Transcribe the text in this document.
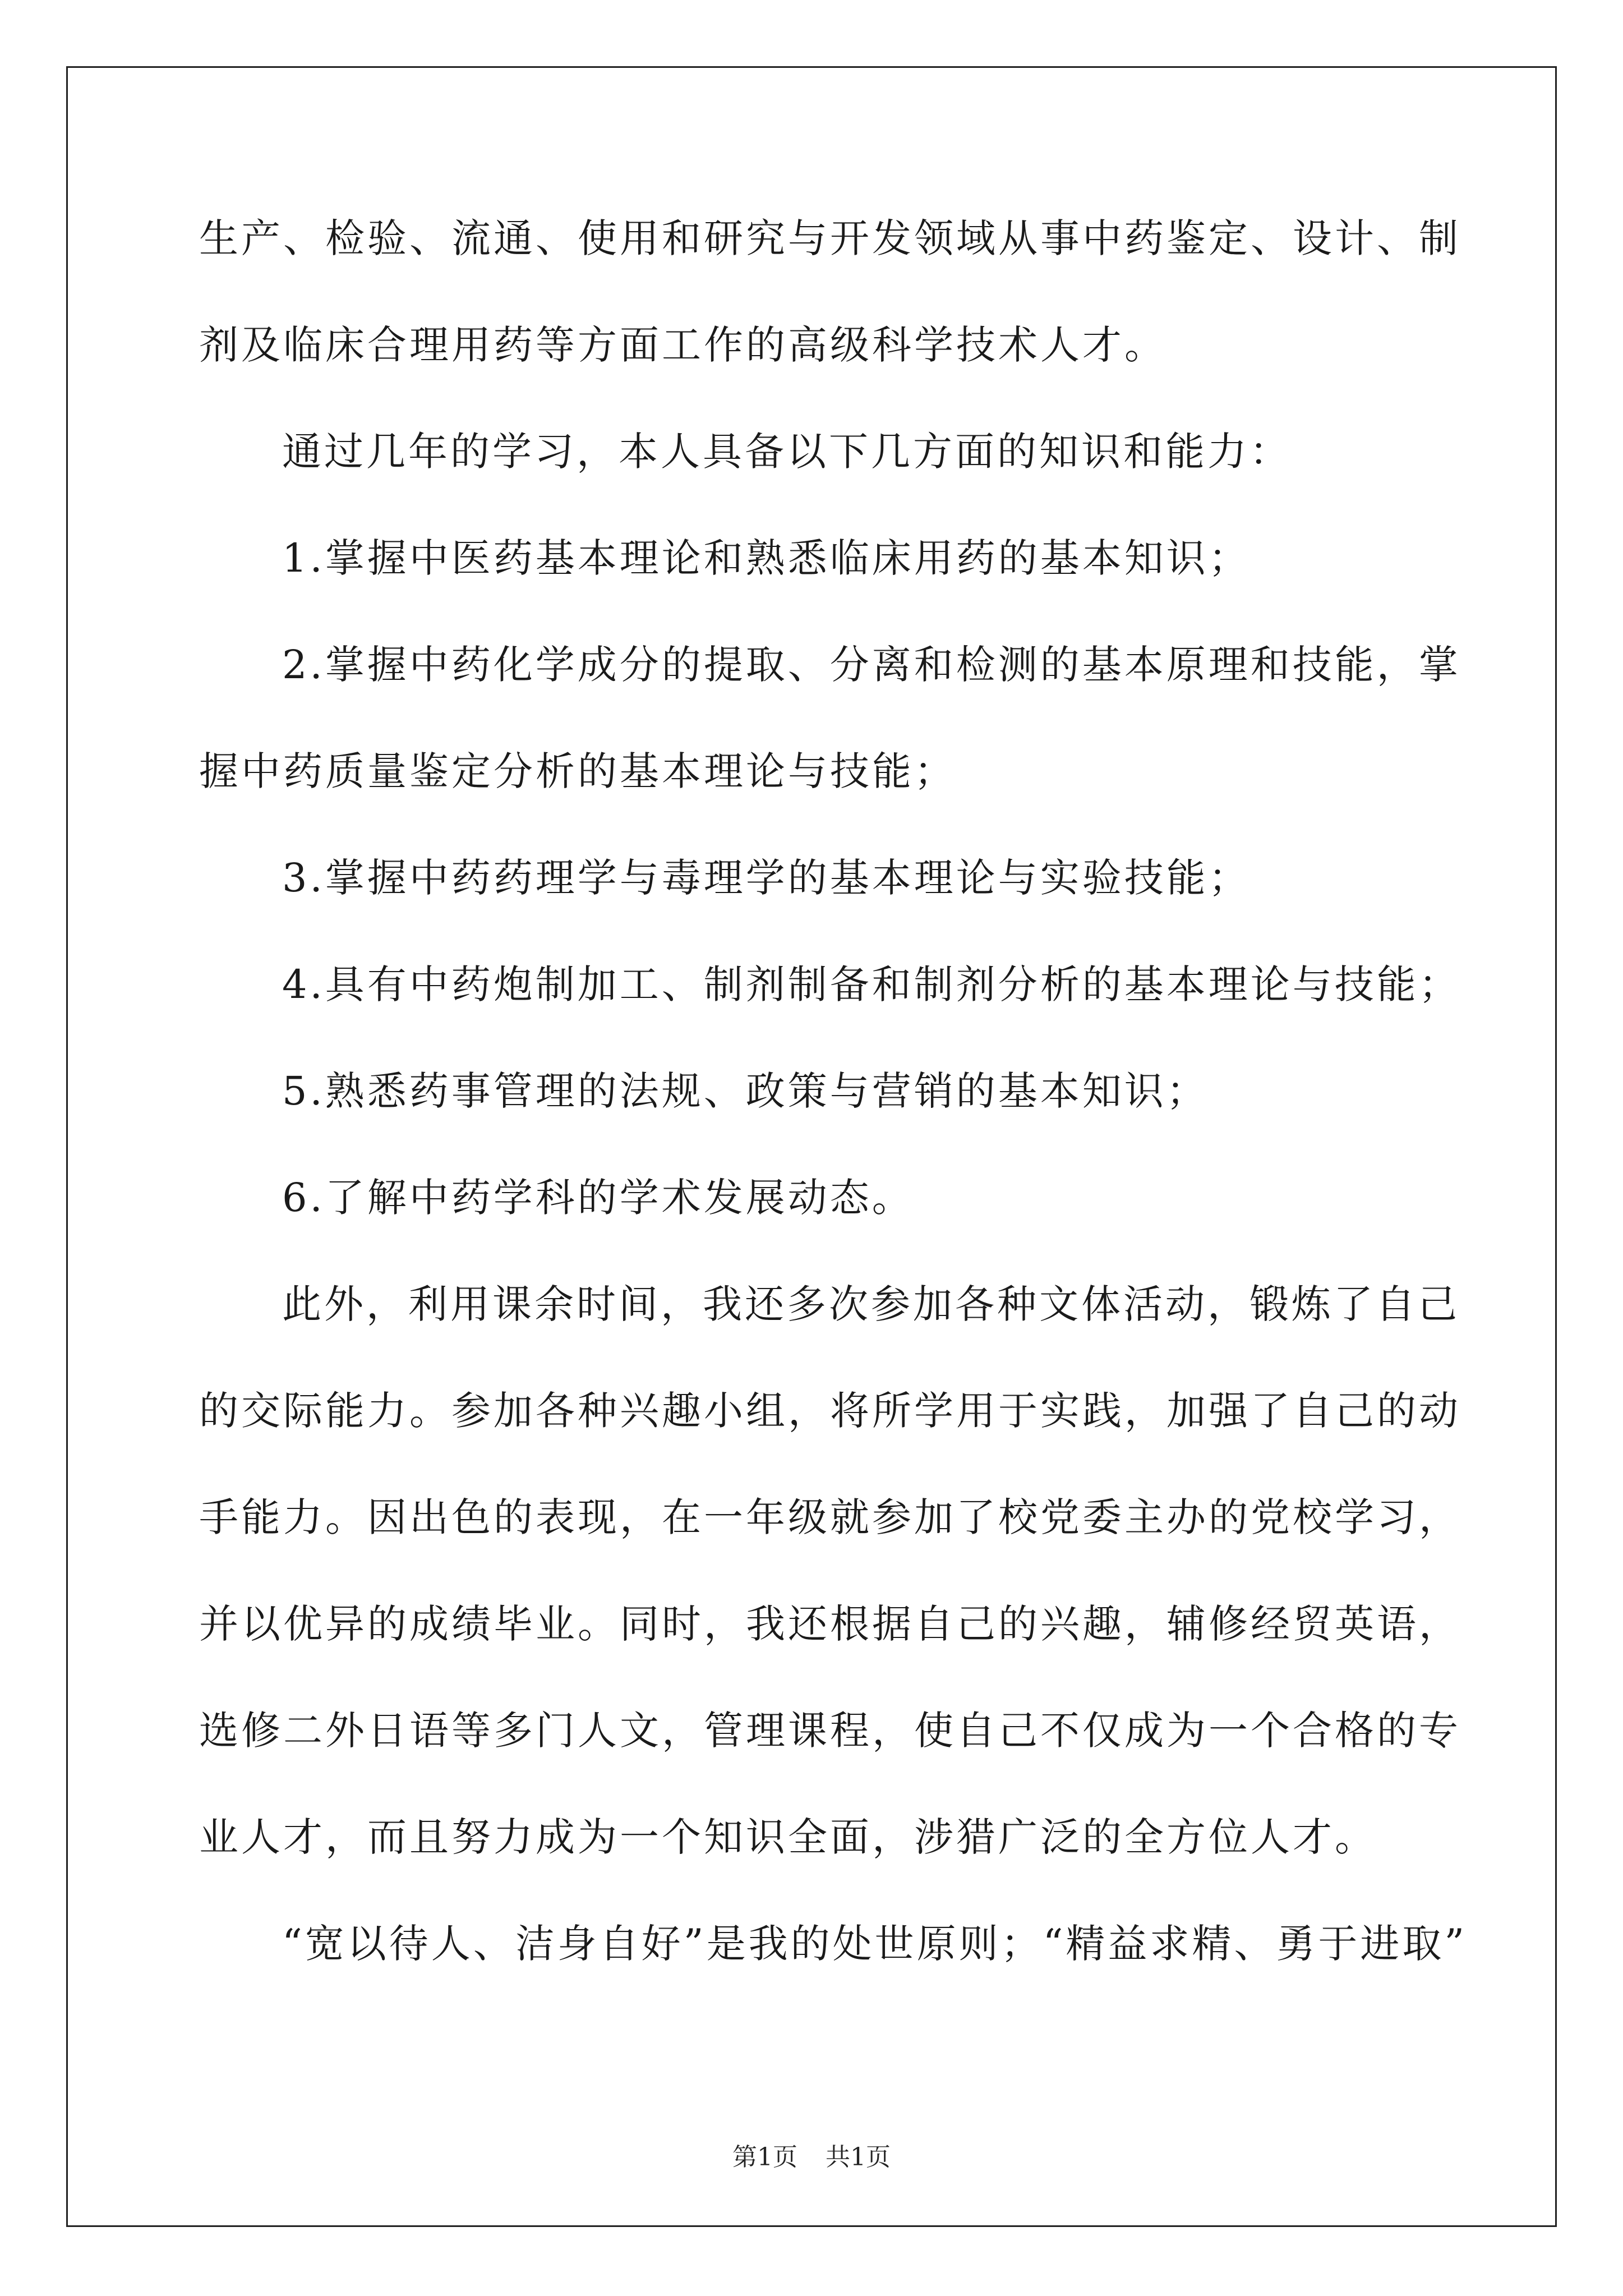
生产、检验、流通、使用和研究与开发领域从事中药鉴定、设计、制
剂及临床合理用药等方面工作的高级科学技术人才。
通过几年的学习，本人具备以下几方面的知识和能力：
1.掌握中医药基本理论和熟悉临床用药的基本知识；
2.掌握中药化学成分的提取、分离和检测的基本原理和技能，掌
握中药质量鉴定分析的基本理论与技能；
3.掌握中药药理学与毒理学的基本理论与实验技能；
4.具有中药炮制加工、制剂制备和制剂分析的基本理论与技能；
5.熟悉药事管理的法规、政策与营销的基本知识；
6.了解中药学科的学术发展动态。
此外，利用课余时间，我还多次参加各种文体活动，锻炼了自己
的交际能力。参加各种兴趣小组，将所学用于实践，加强了自己的动
手能力。因出色的表现，在一年级就参加了校党委主办的党校学习，
并以优异的成绩毕业。同时，我还根据自己的兴趣，辅修经贸英语，
选修二外日语等多门人文，管理课程，使自己不仅成为一个合格的专
业人才，而且努力成为一个知识全面，涉猎广泛的全方位人才。
“宽以待人、洁身自好”是我的处世原则；“精益求精、勇于进取”
第1页 共1页
